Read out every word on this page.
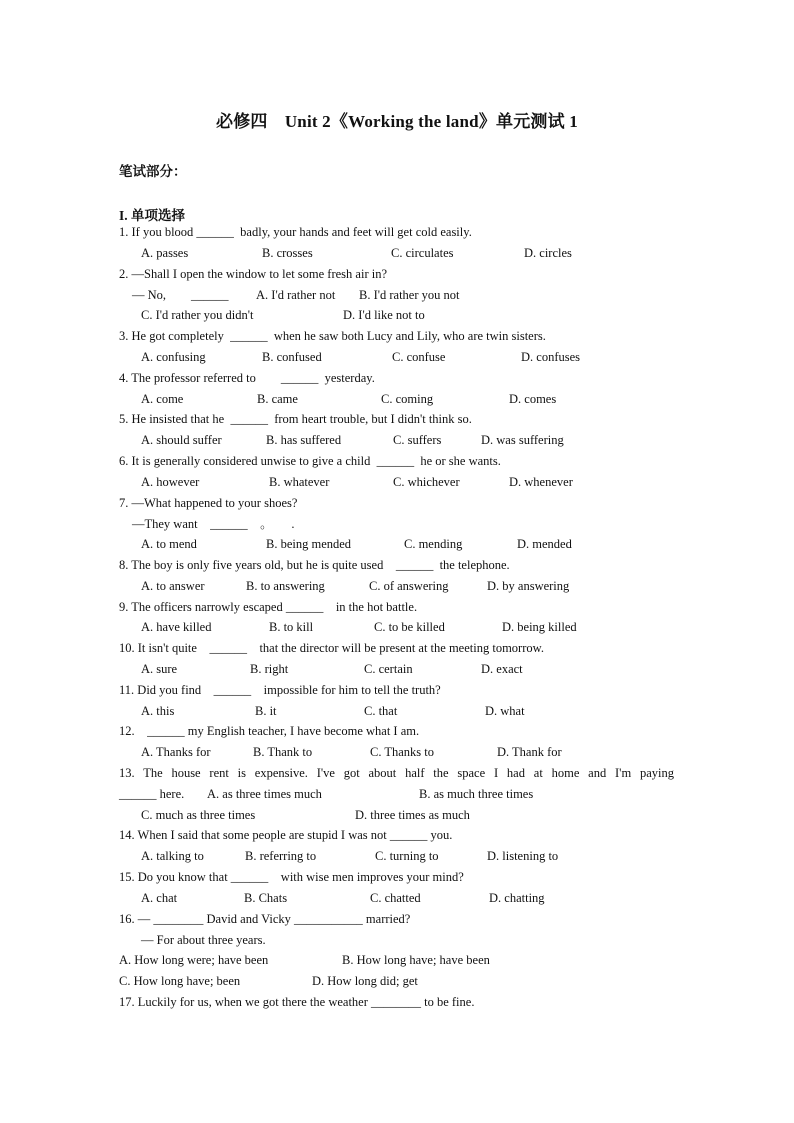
必修四　Unit 2《Working the land》单元测试 1
笔试部分：
I. 单项选择
1. If you blood ______  badly, your hands and feet will get cold easily.
A. passes	B. crosses	C. circulates	D. circles
2. —Shall I open the window to let some fresh air in?
— No,　　______ A. I'd rather not B. I'd rather you not
C. I'd rather you didn't	D. I'd like not to
3. He got completely  ______  when he saw both Lucy and Lily, who are twin sisters.
A. confusing	B. confused	C. confuse	D. confuses
4. The professor referred to　　______  yesterday.
A. come	B. came	C. coming	D. comes
5. He insisted that he  ______  from heart trouble, but I didn't think so.
A. should suffer	B. has suffered	C. suffers	D. was suffering
6. It is generally considered unwise to give a child  ______  he or she wants.
A. however	B. whatever	C. whichever	D. whenever
7. —What happened to your shoes?
—They want　______　。　　.
A. to mend	B. being mended	C. mending	D. mended
8. The boy is only five years old, but he is quite used　______  the telephone.
A. to answer	B. to answering	C. of answering	D. by answering
9. The officers narrowly escaped ______　in the hot battle.
A. have killed	B. to kill	C. to be killed	D. being killed
10. It isn't quite　______　that the director will be present at the meeting tomorrow.
A. sure	B. right	C. certain	D. exact
11. Did you find　______　impossible for him to tell the truth?
A. this	B. it	C. that	D. what
12.　______ my English teacher, I have become what I am.
A. Thanks for	B. Thank to	C. Thanks to	D. Thank for
13. The house rent is expensive. I've got about half the space I had at home and I'm paying
______ here. A. as three times much	B. as much three times
C. much as three times	D. three times as much
14. When I said that some people are stupid I was not ______ you.
A. talking to	B. referring to	C. turning to	D. listening to
15. Do you know that ______　with wise men improves your mind?
A. chat	B. Chats	C. chatted	D. chatting
16. — ________ David and Vicky ___________ married?
— For about three years.
A. How long were; have been	B. How long have; have been
C. How long have; been	D. How long did; get
17. Luckily for us, when we got there the weather ________ to be fine.
